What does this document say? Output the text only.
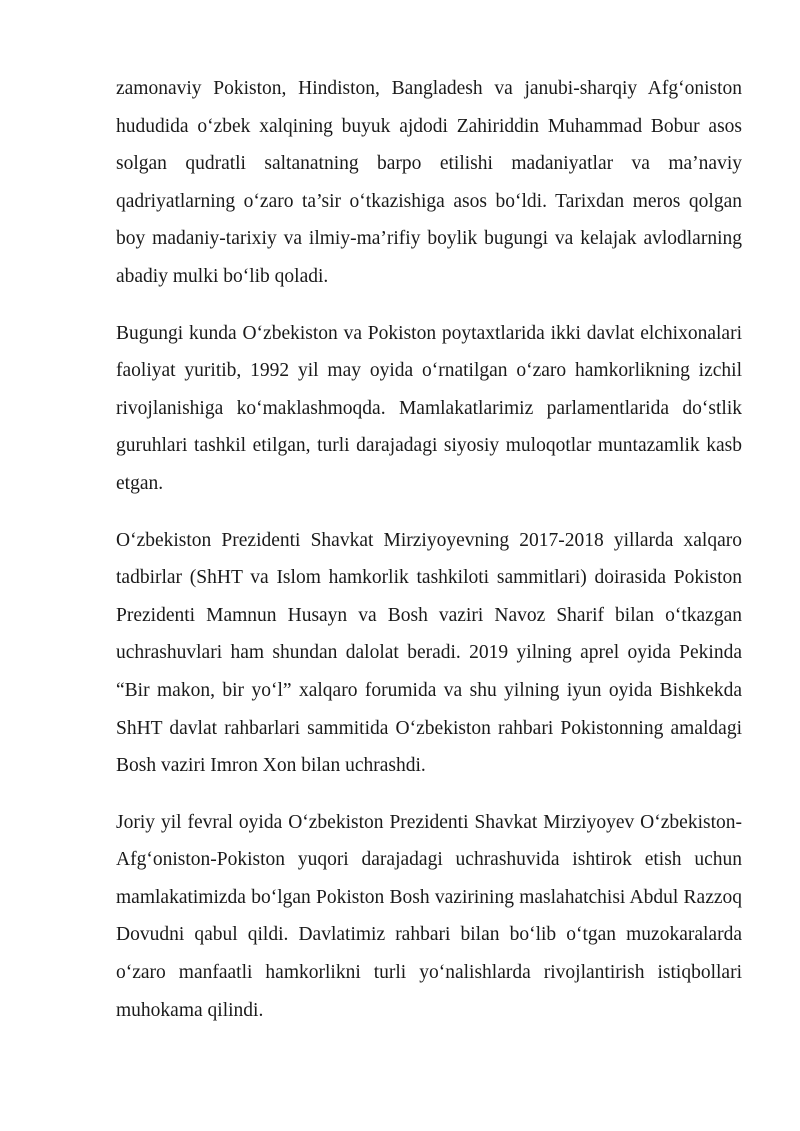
zamonaviy Pokiston, Hindiston, Bangladesh va janubi-sharqiy Afg‘oniston hududida o‘zbek xalqining buyuk ajdodi Zahiriddin Muhammad Bobur asos solgan qudratli saltanatning barpo etilishi madaniyatlar va ma’naviy qadriyatlarning o‘zaro ta’sir o‘tkazishiga asos bo‘ldi. Tarixdan meros qolgan boy madaniy-tarixiy va ilmiy-ma’rifiy boylik bugungi va kelajak avlodlarning abadiy mulki bo‘lib qoladi.

Bugungi kunda O‘zbekiston va Pokiston poytaxtlarida ikki davlat elchixonalari faoliyat yuritib, 1992 yil may oyida o‘rnatilgan o‘zaro hamkorlikning izchil rivojlanishiga ko‘maklashmoqda. Mamlakatlarimiz parlamentlarida do‘stlik guruhlari tashkil etilgan, turli darajadagi siyosiy muloqotlar muntazamlik kasb etgan.

O‘zbekiston Prezidenti Shavkat Mirziyoyevning 2017-2018 yillarda xalqaro tadbirlar (ShHT va Islom hamkorlik tashkiloti sammitlari) doirasida Pokiston Prezidenti Mamnun Husayn va Bosh vaziri Navoz Sharif bilan o‘tkazgan uchrashuvlari ham shundan dalolat beradi. 2019 yilning aprel oyida Pekinda “Bir makon, bir yo‘l” xalqaro forumida va shu yilning iyun oyida Bishkekda ShHT davlat rahbarlari sammitida O‘zbekiston rahbari Pokistonning amaldagi Bosh vaziri Imron Xon bilan uchrashdi.

Joriy yil fevral oyida O‘zbekiston Prezidenti Shavkat Mirziyoyev O‘zbekiston-Afg‘oniston-Pokiston yuqori darajadagi uchrashuvida ishtirok etish uchun mamlakatimizda bo‘lgan Pokiston Bosh vazirining maslahatchisi Abdul Razzoq Dovudni qabul qildi. Davlatimiz rahbari bilan bo‘lib o‘tgan muzokaralarda o‘zaro manfaatli hamkorlikni turli yo‘nalishlarda rivojlantirish istiqbollari muhokama qilindi.
